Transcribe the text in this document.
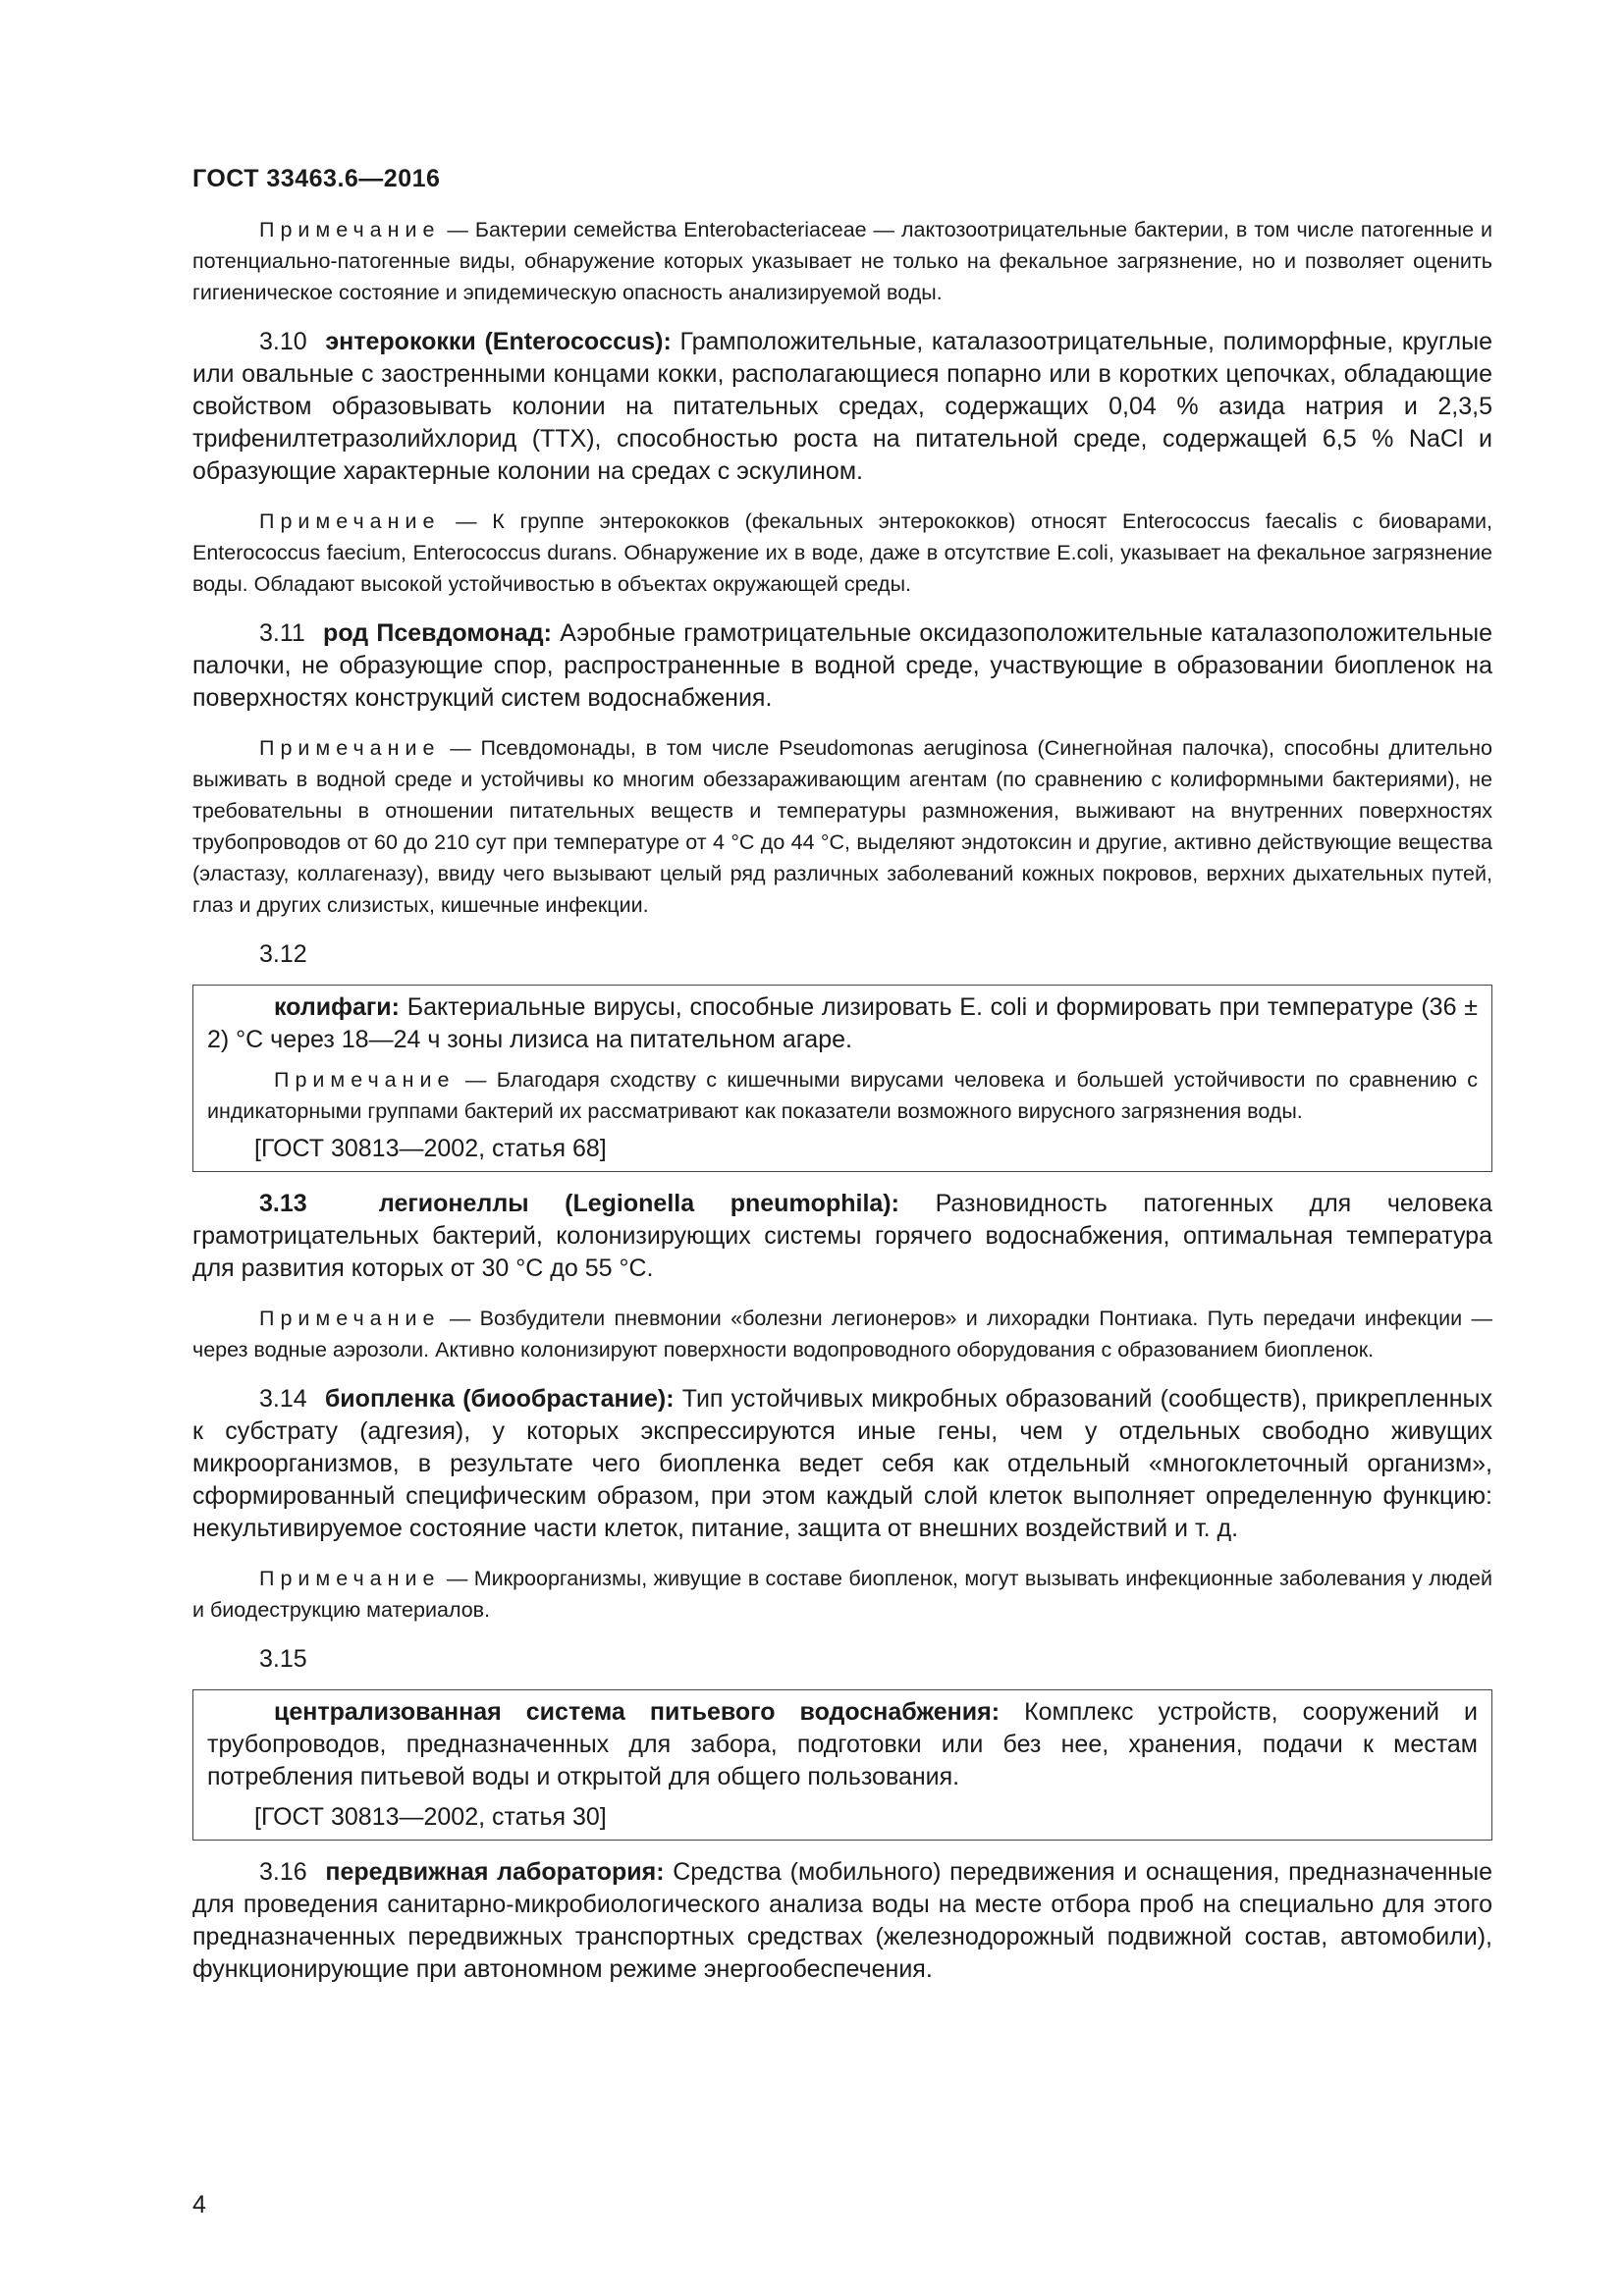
ГОСТ 33463.6—2016

Примечание — Бактерии семейства Enterobacteriaceae — лактозоотрицательные бактерии, в том числе патогенные и потенциально-патогенные виды, обнаружение которых указывает не только на фекальное загрязнение, но и позволяет оценить гигиеническое состояние и эпидемическую опасность анализируемой воды.

3.10 энтерококки (Enterococcus): Грамположительные, каталазоотрицательные, полиморфные, круглые или овальные с заостренными концами кокки, располагающиеся попарно или в коротких цепочках, обладающие свойством образовывать колонии на питательных средах, содержащих 0,04 % азида натрия и 2,3,5 трифенилтетразолийхлорид (ТТХ), способностью роста на питательной среде, содержащей 6,5 % NaCl и образующие характерные колонии на средах с эскулином.

Примечание — К группе энтерококков (фекальных энтерококков) относят Enterococcus faecalis с биоварами, Enterococcus faecium, Enterococcus durans. Обнаружение их в воде, даже в отсутствие E.coli, указывает на фекальное загрязнение воды. Обладают высокой устойчивостью в объектах окружающей среды.

3.11 род Псевдомонад: Аэробные грамотрицательные оксидазоположительные каталазоположительные палочки, не образующие спор, распространенные в водной среде, участвующие в образовании биопленок на поверхностях конструкций систем водоснабжения.

Примечание — Псевдомонады, в том числе Pseudomonas aeruginosa (Синегнойная палочка), способны длительно выживать в водной среде и устойчивы ко многим обеззараживающим агентам (по сравнению с колиформными бактериями), не требовательны в отношении питательных веществ и температуры размножения, выживают на внутренних поверхностях трубопроводов от 60 до 210 сут при температуре от 4 °С до 44 °С, выделяют эндотоксин и другие, активно действующие вещества (эластазу, коллагеназу), ввиду чего вызывают целый ряд различных заболеваний кожных покровов, верхних дыхательных путей, глаз и других слизистых, кишечные инфекции.

3.12

колифаги: Бактериальные вирусы, способные лизировать E. coli и формировать при температуре (36 ± 2) °С через 18—24 ч зоны лизиса на питательном агаре.

Примечание — Благодаря сходству с кишечными вирусами человека и большей устойчивости по сравнению с индикаторными группами бактерий их рассматривают как показатели возможного вирусного загрязнения воды.

[ГОСТ 30813—2002, статья 68]

3.13	легионеллы (Legionella pneumophila): Разновидность патогенных для человека грамотрицательных бактерий, колонизирующих системы горячего водоснабжения, оптимальная температура для развития которых от 30 °С до 55 °С.

Примечание — Возбудители пневмонии «болезни легионеров» и лихорадки Понтиака. Путь передачи инфекции — через водные аэрозоли. Активно колонизируют поверхности водопроводного оборудования с образованием биопленок.

3.14 биопленка (биообрастание): Тип устойчивых микробных образований (сообществ), прикрепленных к субстрату (адгезия), у которых экспрессируются иные гены, чем у отдельных свободно живущих микроорганизмов, в результате чего биопленка ведет себя как отдельный «многоклеточный организм», сформированный специфическим образом, при этом каждый слой клеток выполняет определенную функцию: некультивируемое состояние части клеток, питание, защита от внешних воздействий и т. д.

Примечание — Микроорганизмы, живущие в составе биопленок, могут вызывать инфекционные заболевания у людей и биодеструкцию материалов.

3.15

централизованная система питьевого водоснабжения: Комплекс устройств, сооружений и трубопроводов, предназначенных для забора, подготовки или без нее, хранения, подачи к местам потребления питьевой воды и открытой для общего пользования.

[ГОСТ 30813—2002, статья 30]

3.16 передвижная лаборатория: Средства (мобильного) передвижения и оснащения, предназначенные для проведения санитарно-микробиологического анализа воды на месте отбора проб на специально для этого предназначенных передвижных транспортных средствах (железнодорожный подвижной состав, автомобили), функционирующие при автономном режиме энергообеспечения.

4
